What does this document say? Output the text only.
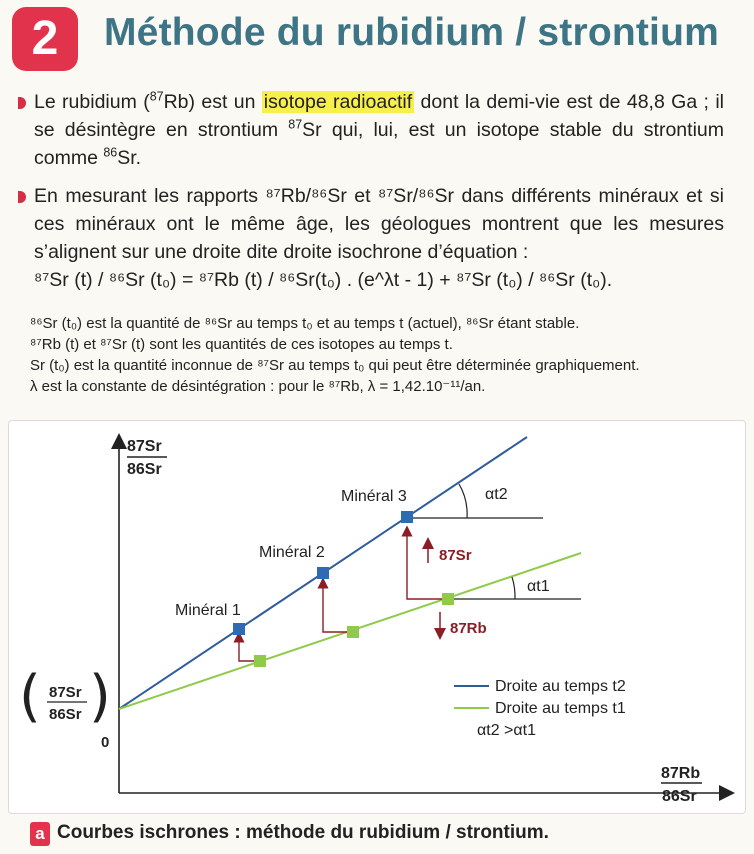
2	Méthode du rubidium / strontium
Le rubidium ($^{87}$Rb) est un isotope radioactif dont la demi-vie est de 48,8 Ga ; il se désintègre en strontium $^{87}$Sr qui, lui, est un isotope stable du strontium comme $^{86}$Sr.
En mesurant les rapports ⁸⁷Rb/⁸⁶Sr et ⁸⁷Sr/⁸⁶Sr dans différents minéraux et si ces minéraux ont le même âge, les géologues montrent que les mesures s’alignent sur une droite dite droite isochrone d’équation :
⁸⁷Sr (t) / ⁸⁶Sr (t₀) = ⁸⁷Rb (t) / ⁸⁶Sr(t₀) . (e^λt - 1) + ⁸⁷Sr (t₀) / ⁸⁶Sr (t₀).
⁸⁶Sr (t₀) est la quantité de ⁸⁶Sr au temps t₀ et au temps t (actuel), ⁸⁶Sr étant stable.
⁸⁷Rb (t) et ⁸⁷Sr (t) sont les quantités de ces isotopes au temps t.
Sr (t₀) est la quantité inconnue de ⁸⁷Sr au temps t₀ qui peut être déterminée graphiquement.
λ est la constante de désintégration : pour le ⁸⁷Rb, λ = 1,42.10⁻¹¹/an.
87Sr
86Sr
87Rb
86Sr
( 87Sr
86Sr )
0
αt2
αt1
87Sr
87Rb
Minéral 1
Minéral 2
Minéral 3
Droite au temps t2
Droite au temps t1
αt2 >αt1
a Courbes ischrones : méthode du rubidium / strontium.
